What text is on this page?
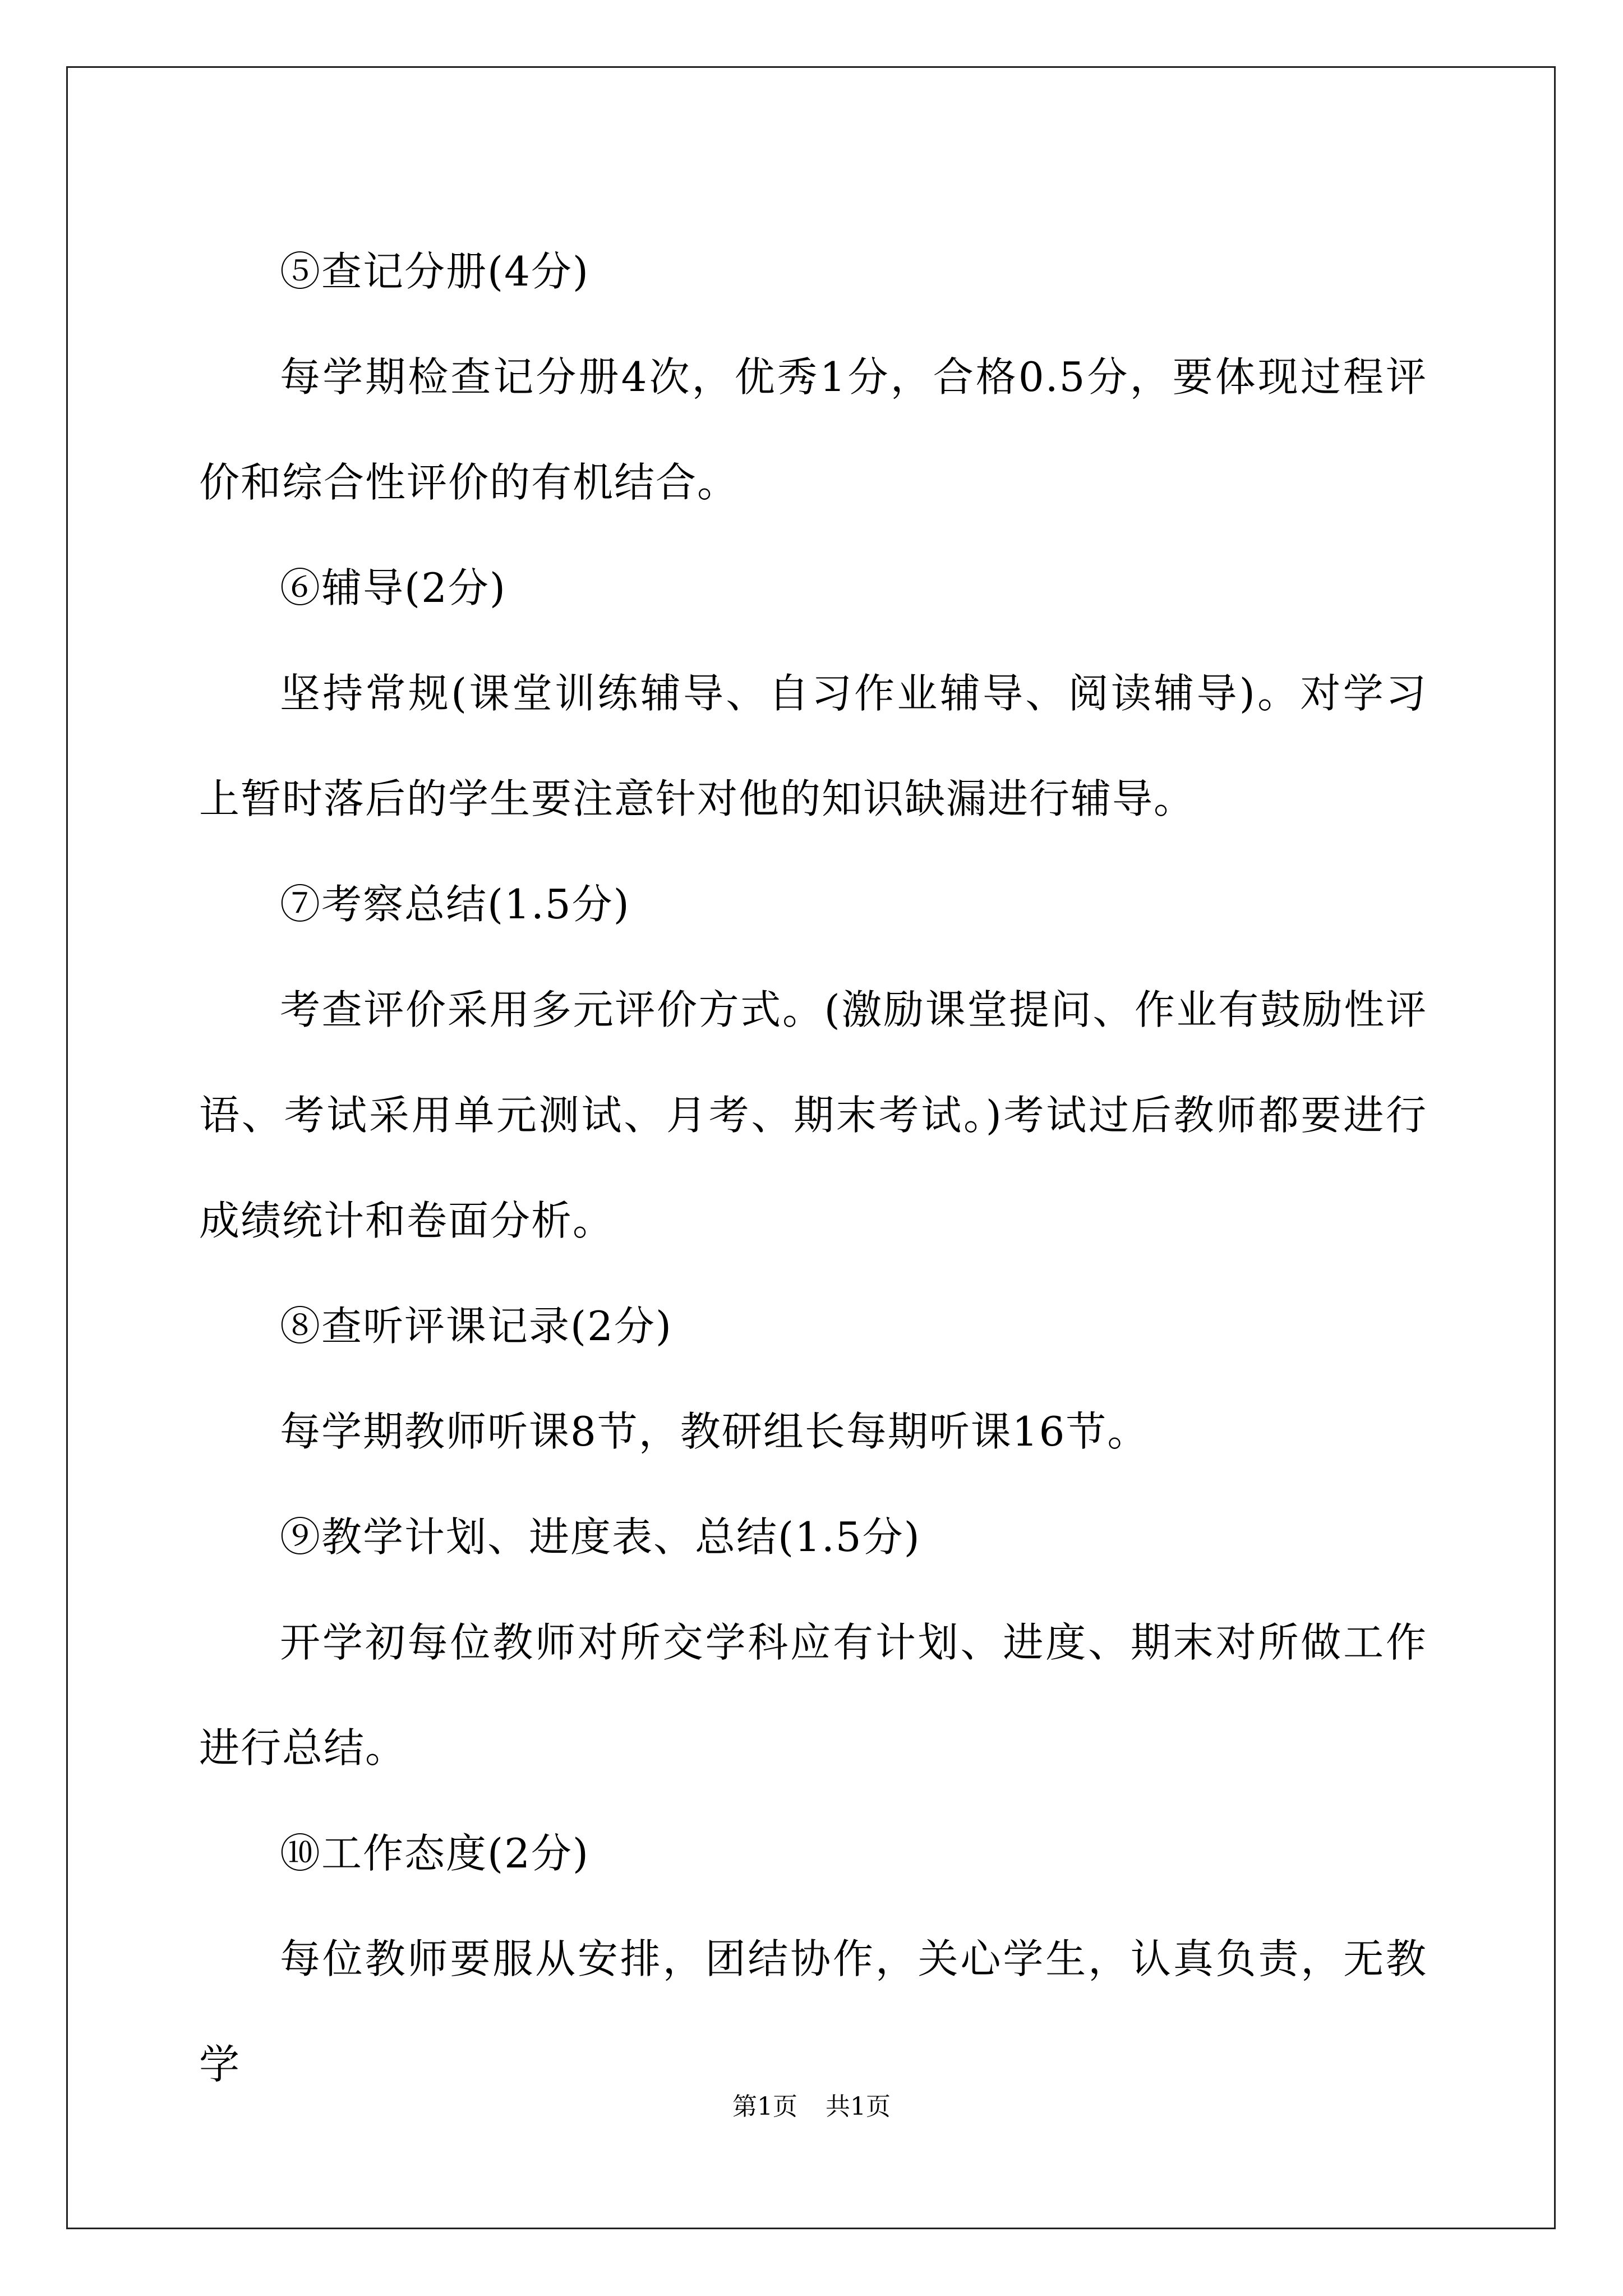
⑤查记分册(4分)

每学期检查记分册4次，优秀1分，合格0.5分，要体现过程评价和综合性评价的有机结合。

⑥辅导(2分)

坚持常规(课堂训练辅导、自习作业辅导、阅读辅导)。对学习上暂时落后的学生要注意针对他的知识缺漏进行辅导。

⑦考察总结(1.5分)

考查评价采用多元评价方式。(激励课堂提问、作业有鼓励性评语、考试采用单元测试、月考、期末考试。)考试过后教师都要进行成绩统计和卷面分析。

⑧查听评课记录(2分)

每学期教师听课8节，教研组长每期听课16节。

⑨教学计划、进度表、总结(1.5分)

开学初每位教师对所交学科应有计划、进度、期末对所做工作进行总结。

⑩工作态度(2分)

每位教师要服从安排，团结协作，关心学生，认真负责，无教学

第1页 共1页
